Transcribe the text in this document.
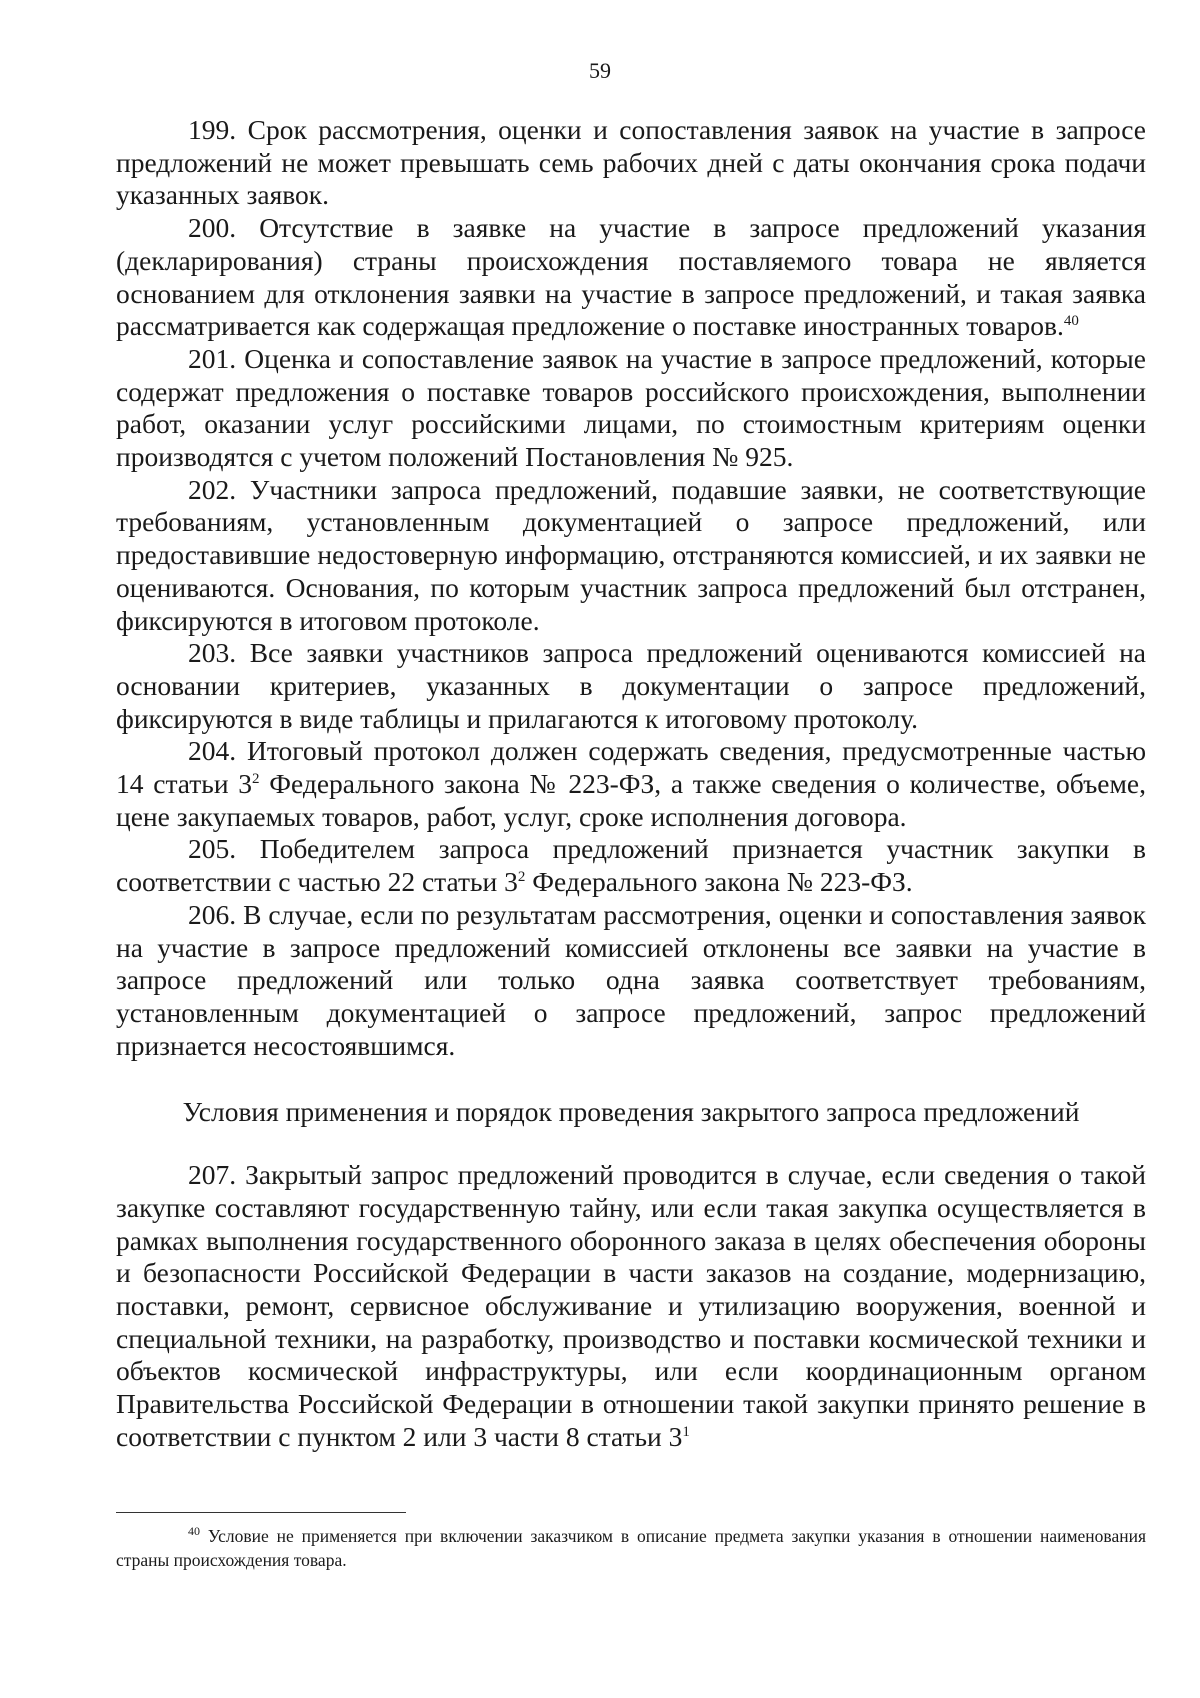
59

199. Срок рассмотрения, оценки и сопоставления заявок на участие в запросе предложений не может превышать семь рабочих дней с даты окончания срока подачи указанных заявок.

200. Отсутствие в заявке на участие в запросе предложений указания (декларирования) страны происхождения поставляемого товара не является основанием для отклонения заявки на участие в запросе предложений, и такая заявка рассматривается как содержащая предложение о поставке иностранных товаров.$^{40}$

201. Оценка и сопоставление заявок на участие в запросе предложений, которые содержат предложения о поставке товаров российского происхождения, выполнении работ, оказании услуг российскими лицами, по стоимостным критериям оценки производятся с учетом положений Постановления № 925.

202. Участники запроса предложений, подавшие заявки, не соответствующие требованиям, установленным документацией о запросе предложений, или предоставившие недостоверную информацию, отстраняются комиссией, и их заявки не оцениваются. Основания, по которым участник запроса предложений был отстранен, фиксируются в итоговом протоколе.

203. Все заявки участников запроса предложений оцениваются комиссией на основании критериев, указанных в документации о запросе предложений, фиксируются в виде таблицы и прилагаются к итоговому протоколу.

204. Итоговый протокол должен содержать сведения, предусмотренные частью 14 статьи $3^2$ Федерального закона № 223-ФЗ, а также сведения о количестве, объеме, цене закупаемых товаров, работ, услуг, сроке исполнения договора.

205. Победителем запроса предложений признается участник закупки в соответствии с частью 22 статьи $3^2$ Федерального закона № 223-ФЗ.

206. В случае, если по результатам рассмотрения, оценки и сопоставления заявок на участие в запросе предложений комиссией отклонены все заявки на участие в запросе предложений или только одна заявка соответствует требованиям, установленным документацией о запросе предложений, запрос предложений признается несостоявшимся.

Условия применения и порядок проведения закрытого запроса предложений

207. Закрытый запрос предложений проводится в случае, если сведения о такой закупке составляют государственную тайну, или если такая закупка осуществляется в рамках выполнения государственного оборонного заказа в целях обеспечения обороны и безопасности Российской Федерации в части заказов на создание, модернизацию, поставки, ремонт, сервисное обслуживание и утилизацию вооружения, военной и специальной техники, на разработку, производство и поставки космической техники и объектов космической инфраструктуры, или если координационным органом Правительства Российской Федерации в отношении такой закупки принято решение в соответствии с пунктом 2 или 3 части 8 статьи $3^1$

$^{40}$ Условие не применяется при включении заказчиком в описание предмета закупки указания в отношении наименования страны происхождения товара.
